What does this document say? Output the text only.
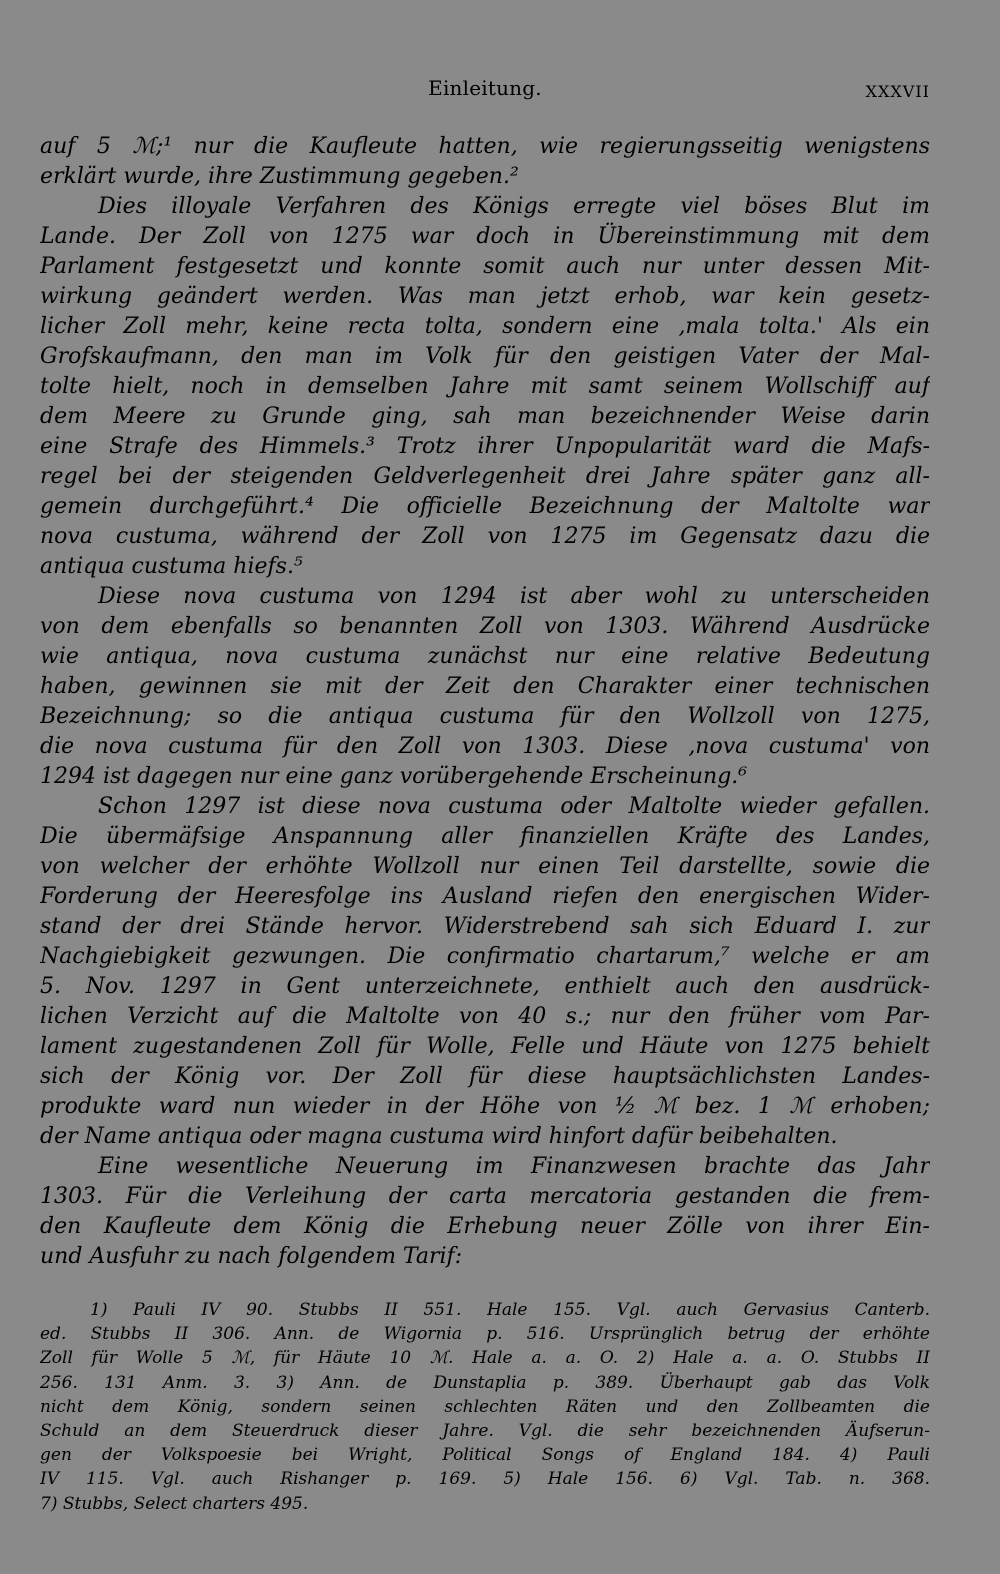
Einleitung.	XXXVII
auf 5 ℳ;¹ nur die Kaufleute hatten, wie regierungsseitig wenigstens
erklärt wurde, ihre Zustimmung gegeben.²
Dies illoyale Verfahren des Königs erregte viel böses Blut im
Lande. Der Zoll von 1275 war doch in Übereinstimmung mit dem
Parlament festgesetzt und konnte somit auch nur unter dessen Mit-
wirkung geändert werden. Was man jetzt erhob, war kein gesetz-
licher Zoll mehr, keine recta tolta, sondern eine ‚mala tolta.' Als ein
Grofskaufmann, den man im Volk für den geistigen Vater der Mal-
tolte hielt, noch in demselben Jahre mit samt seinem Wollschiff auf
dem Meere zu Grunde ging, sah man bezeichnender Weise darin
eine Strafe des Himmels.³ Trotz ihrer Unpopularität ward die Mafs-
regel bei der steigenden Geldverlegenheit drei Jahre später ganz all-
gemein durchgeführt.⁴ Die officielle Bezeichnung der Maltolte war
nova custuma, während der Zoll von 1275 im Gegensatz dazu die
antiqua custuma hiefs.⁵
Diese nova custuma von 1294 ist aber wohl zu unterscheiden
von dem ebenfalls so benannten Zoll von 1303. Während Ausdrücke
wie antiqua, nova custuma zunächst nur eine relative Bedeutung
haben, gewinnen sie mit der Zeit den Charakter einer technischen
Bezeichnung; so die antiqua custuma für den Wollzoll von 1275,
die nova custuma für den Zoll von 1303. Diese ‚nova custuma' von
1294 ist dagegen nur eine ganz vorübergehende Erscheinung.⁶
Schon 1297 ist diese nova custuma oder Maltolte wieder gefallen.
Die übermäfsige Anspannung aller finanziellen Kräfte des Landes,
von welcher der erhöhte Wollzoll nur einen Teil darstellte, sowie die
Forderung der Heeresfolge ins Ausland riefen den energischen Wider-
stand der drei Stände hervor. Widerstrebend sah sich Eduard I. zur
Nachgiebigkeit gezwungen. Die confirmatio chartarum,⁷ welche er am
5. Nov. 1297 in Gent unterzeichnete, enthielt auch den ausdrück-
lichen Verzicht auf die Maltolte von 40 s.; nur den früher vom Par-
lament zugestandenen Zoll für Wolle, Felle und Häute von 1275 behielt
sich der König vor. Der Zoll für diese hauptsächlichsten Landes-
produkte ward nun wieder in der Höhe von ½ ℳ bez. 1 ℳ erhoben;
der Name antiqua oder magna custuma wird hinfort dafür beibehalten.
Eine wesentliche Neuerung im Finanzwesen brachte das Jahr
1303. Für die Verleihung der carta mercatoria gestanden die frem-
den Kaufleute dem König die Erhebung neuer Zölle von ihrer Ein-
und Ausfuhr zu nach folgendem Tarif:
1) Pauli IV 90. Stubbs II 551. Hale 155. Vgl. auch Gervasius Canterb.
ed. Stubbs II 306. Ann. de Wigornia p. 516. Ursprünglich betrug der erhöhte
Zoll für Wolle 5 ℳ, für Häute 10 ℳ. Hale a. a. O. 2) Hale a. a. O. Stubbs II
256. 131 Anm. 3. 3) Ann. de Dunstaplia p. 389. Überhaupt gab das Volk
nicht dem König, sondern seinen schlechten Räten und den Zollbeamten die
Schuld an dem Steuerdruck dieser Jahre. Vgl. die sehr bezeichnenden Äufserun-
gen der Volkspoesie bei Wright, Political Songs of England 184. 4) Pauli
IV 115. Vgl. auch Rishanger p. 169. 5) Hale 156. 6) Vgl. Tab. n. 368.
7) Stubbs, Select charters 495.
